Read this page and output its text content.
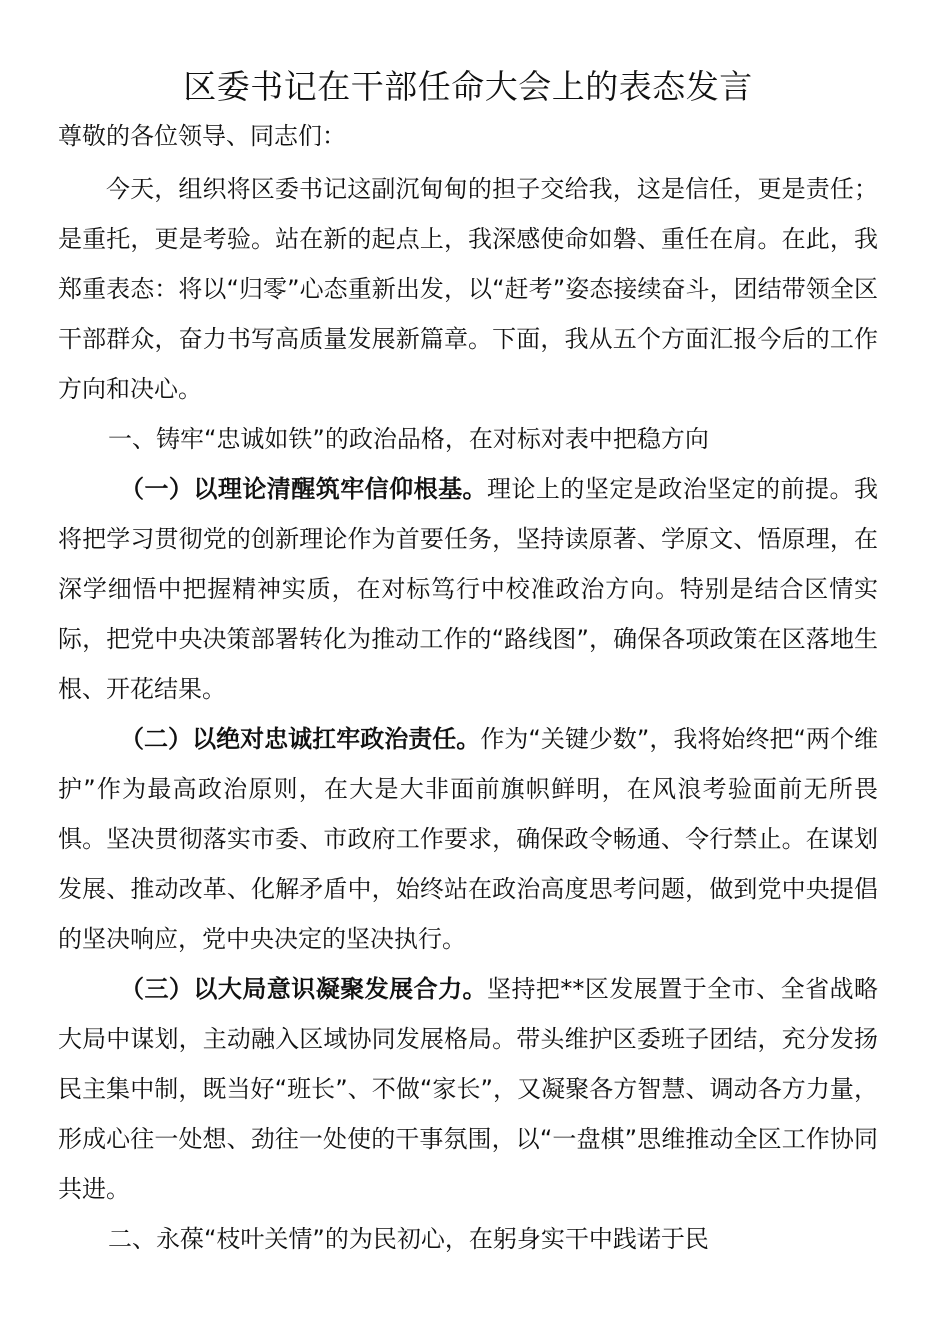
区委书记在干部任命大会上的表态发言

尊敬的各位领导、同志们：

今天，组织将区委书记这副沉甸甸的担子交给我，这是信任，更是责任；是重托，更是考验。站在新的起点上，我深感使命如磐、重任在肩。在此，我郑重表态：将以“归零”心态重新出发，以“赶考”姿态接续奋斗，团结带领全区干部群众，奋力书写高质量发展新篇章。下面，我从五个方面汇报今后的工作方向和决心。

一、铸牢“忠诚如铁”的政治品格，在对标对表中把稳方向

（一）以理论清醒筑牢信仰根基。理论上的坚定是政治坚定的前提。我将把学习贯彻党的创新理论作为首要任务，坚持读原著、学原文、悟原理，在深学细悟中把握精神实质，在对标笃行中校准政治方向。特别是结合区情实际，把党中央决策部署转化为推动工作的“路线图”，确保各项政策在区落地生根、开花结果。

（二）以绝对忠诚扛牢政治责任。作为“关键少数”，我将始终把“两个维护”作为最高政治原则，在大是大非面前旗帜鲜明，在风浪考验面前无所畏惧。坚决贯彻落实市委、市政府工作要求，确保政令畅通、令行禁止。在谋划发展、推动改革、化解矛盾中，始终站在政治高度思考问题，做到党中央提倡的坚决响应，党中央决定的坚决执行。

（三）以大局意识凝聚发展合力。坚持把**区发展置于全市、全省战略大局中谋划，主动融入区域协同发展格局。带头维护区委班子团结，充分发扬民主集中制，既当好“班长”、不做“家长”，又凝聚各方智慧、调动各方力量，形成心往一处想、劲往一处使的干事氛围，以“一盘棋”思维推动全区工作协同共进。

二、永葆“枝叶关情”的为民初心，在躬身实干中践诺于民
